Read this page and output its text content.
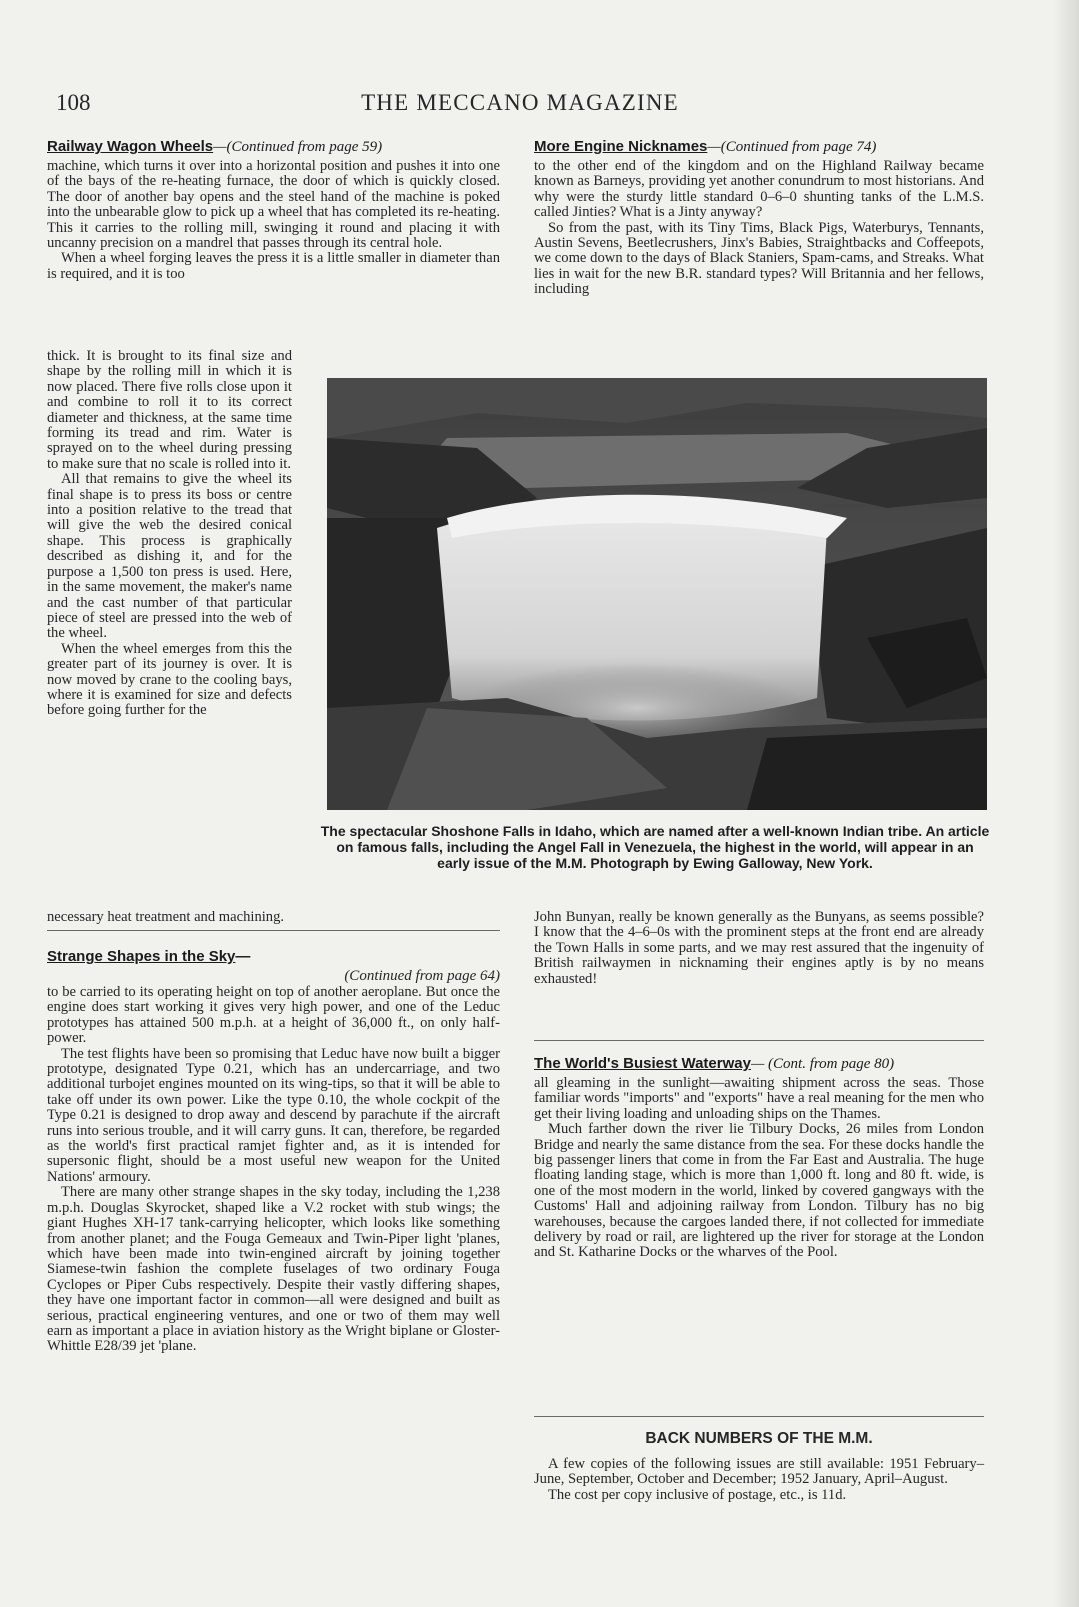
108	THE MECCANO MAGAZINE
Railway Wagon Wheels—(Continued from page 59)

machine, which turns it over into a horizontal position and pushes it into one of the bays of the re-heating furnace, the door of which is quickly closed. The door of another bay opens and the steel hand of the machine is poked into the unbearable glow to pick up a wheel that has completed its re-heating. This it carries to the rolling mill, swinging it round and placing it with uncanny precision on a mandrel that passes through its central hole.

When a wheel forging leaves the press it is a little smaller in diameter than is required, and it is too

thick. It is brought to its final size and shape by the rolling mill in which it is now placed. There five rolls close upon it and combine to roll it to its correct diameter and thickness, at the same time forming its tread and rim. Water is sprayed on to the wheel during pressing to make sure that no scale is rolled into it.

All that remains to give the wheel its final shape is to press its boss or centre into a position relative to the tread that will give the web the desired conical shape. This process is graphically described as dishing it, and for the purpose a 1,500 ton press is used. Here, in the same movement, the maker's name and the cast number of that particular piece of steel are pressed into the web of the wheel.

When the wheel emerges from this the greater part of its journey is over. It is now moved by crane to the cooling bays, where it is examined for size and defects before going further for the

necessary heat treatment and machining.

More Engine Nicknames—(Continued from page 74)

to the other end of the kingdom and on the Highland Railway became known as Barneys, providing yet another conundrum to most historians. And why were the sturdy little standard 0–6–0 shunting tanks of the L.M.S. called Jinties? What is a Jinty anyway?

So from the past, with its Tiny Tims, Black Pigs, Waterburys, Tennants, Austin Sevens, Beetlecrushers, Jinx's Babies, Straightbacks and Coffeepots, we come down to the days of Black Staniers, Spam-cams, and Streaks. What lies in wait for the new B.R. standard types? Will Britannia and her fellows, including

The spectacular Shoshone Falls in Idaho, which are named after a well-known Indian tribe. An article on famous falls, including the Angel Fall in Venezuela, the highest in the world, will appear in an early issue of the M.M. Photograph by Ewing Galloway, New York.

John Bunyan, really be known generally as the Bunyans, as seems possible? I know that the 4–6–0s with the prominent steps at the front end are already the Town Halls in some parts, and we may rest assured that the ingenuity of British railwaymen in nicknaming their engines aptly is by no means exhausted!

Strange Shapes in the Sky—

(Continued from page 64)

to be carried to its operating height on top of another aeroplane. But once the engine does start working it gives very high power, and one of the Leduc prototypes has attained 500 m.p.h. at a height of 36,000 ft., on only half-power.

The test flights have been so promising that Leduc have now built a bigger prototype, designated Type 0.21, which has an undercarriage, and two additional turbojet engines mounted on its wing-tips, so that it will be able to take off under its own power. Like the type 0.10, the whole cockpit of the Type 0.21 is designed to drop away and descend by parachute if the aircraft runs into serious trouble, and it will carry guns. It can, therefore, be regarded as the world's first practical ramjet fighter and, as it is intended for supersonic flight, should be a most useful new weapon for the United Nations' armoury.

There are many other strange shapes in the sky today, including the 1,238 m.p.h. Douglas Skyrocket, shaped like a V.2 rocket with stub wings; the giant Hughes XH-17 tank-carrying helicopter, which looks like something from another planet; and the Fouga Gemeaux and Twin-Piper light 'planes, which have been made into twin-engined aircraft by joining together Siamese-twin fashion the complete fuselages of two ordinary Fouga Cyclopes or Piper Cubs respectively. Despite their vastly differing shapes, they have one important factor in common—all were designed and built as serious, practical engineering ventures, and one or two of them may well earn as important a place in aviation history as the Wright biplane or Gloster-Whittle E28/39 jet 'plane.

The World's Busiest Waterway— (Cont. from page 80)

all gleaming in the sunlight—awaiting shipment across the seas. Those familiar words "imports" and "exports" have a real meaning for the men who get their living loading and unloading ships on the Thames.

Much farther down the river lie Tilbury Docks, 26 miles from London Bridge and nearly the same distance from the sea. For these docks handle the big passenger liners that come in from the Far East and Australia. The huge floating landing stage, which is more than 1,000 ft. long and 80 ft. wide, is one of the most modern in the world, linked by covered gangways with the Customs' Hall and adjoining railway from London. Tilbury has no big warehouses, because the cargoes landed there, if not collected for immediate delivery by road or rail, are lightered up the river for storage at the London and St. Katharine Docks or the wharves of the Pool.

BACK NUMBERS OF THE M.M.

A few copies of the following issues are still available: 1951 February–June, September, October and December; 1952 January, April–August.

The cost per copy inclusive of postage, etc., is 11d.
